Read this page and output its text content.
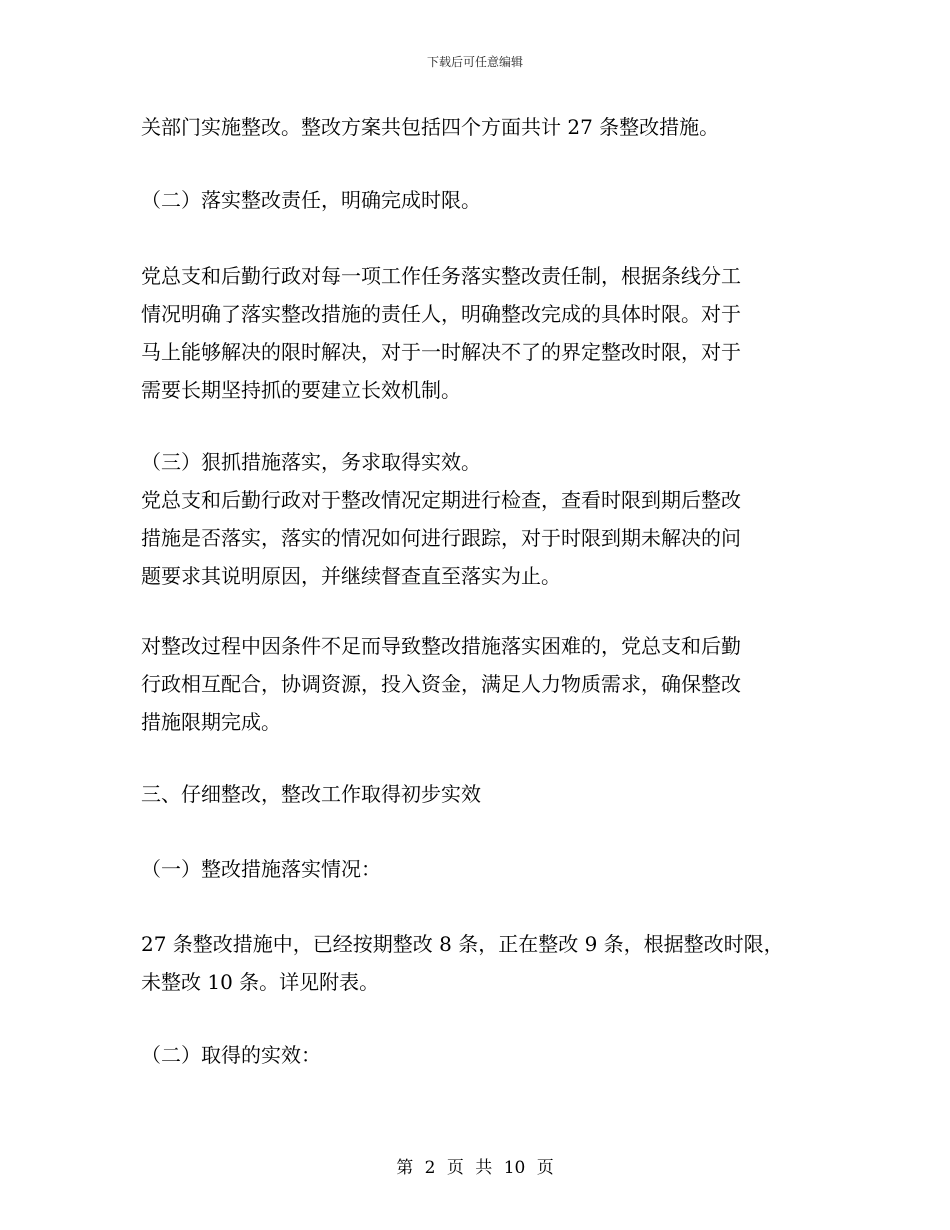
下载后可任意编辑
关部门实施整改。整改方案共包括四个方面共计 27 条整改措施。
（二）落实整改责任，明确完成时限。
党总支和后勤行政对每一项工作任务落实整改责任制，根据条线分工
情况明确了落实整改措施的责任人，明确整改完成的具体时限。对于
马上能够解决的限时解决，对于一时解决不了的界定整改时限，对于
需要长期坚持抓的要建立长效机制。
（三）狠抓措施落实，务求取得实效。
党总支和后勤行政对于整改情况定期进行检查，查看时限到期后整改
措施是否落实，落实的情况如何进行跟踪，对于时限到期未解决的问
题要求其说明原因，并继续督查直至落实为止。
对整改过程中因条件不足而导致整改措施落实困难的，党总支和后勤
行政相互配合，协调资源，投入资金，满足人力物质需求，确保整改
措施限期完成。
三、仔细整改，整改工作取得初步实效
（一）整改措施落实情况：
27 条整改措施中，已经按期整改 8 条，正在整改 9 条，根据整改时限，
未整改 10 条。详见附表。
（二）取得的实效：
第 2 页 共 10 页
